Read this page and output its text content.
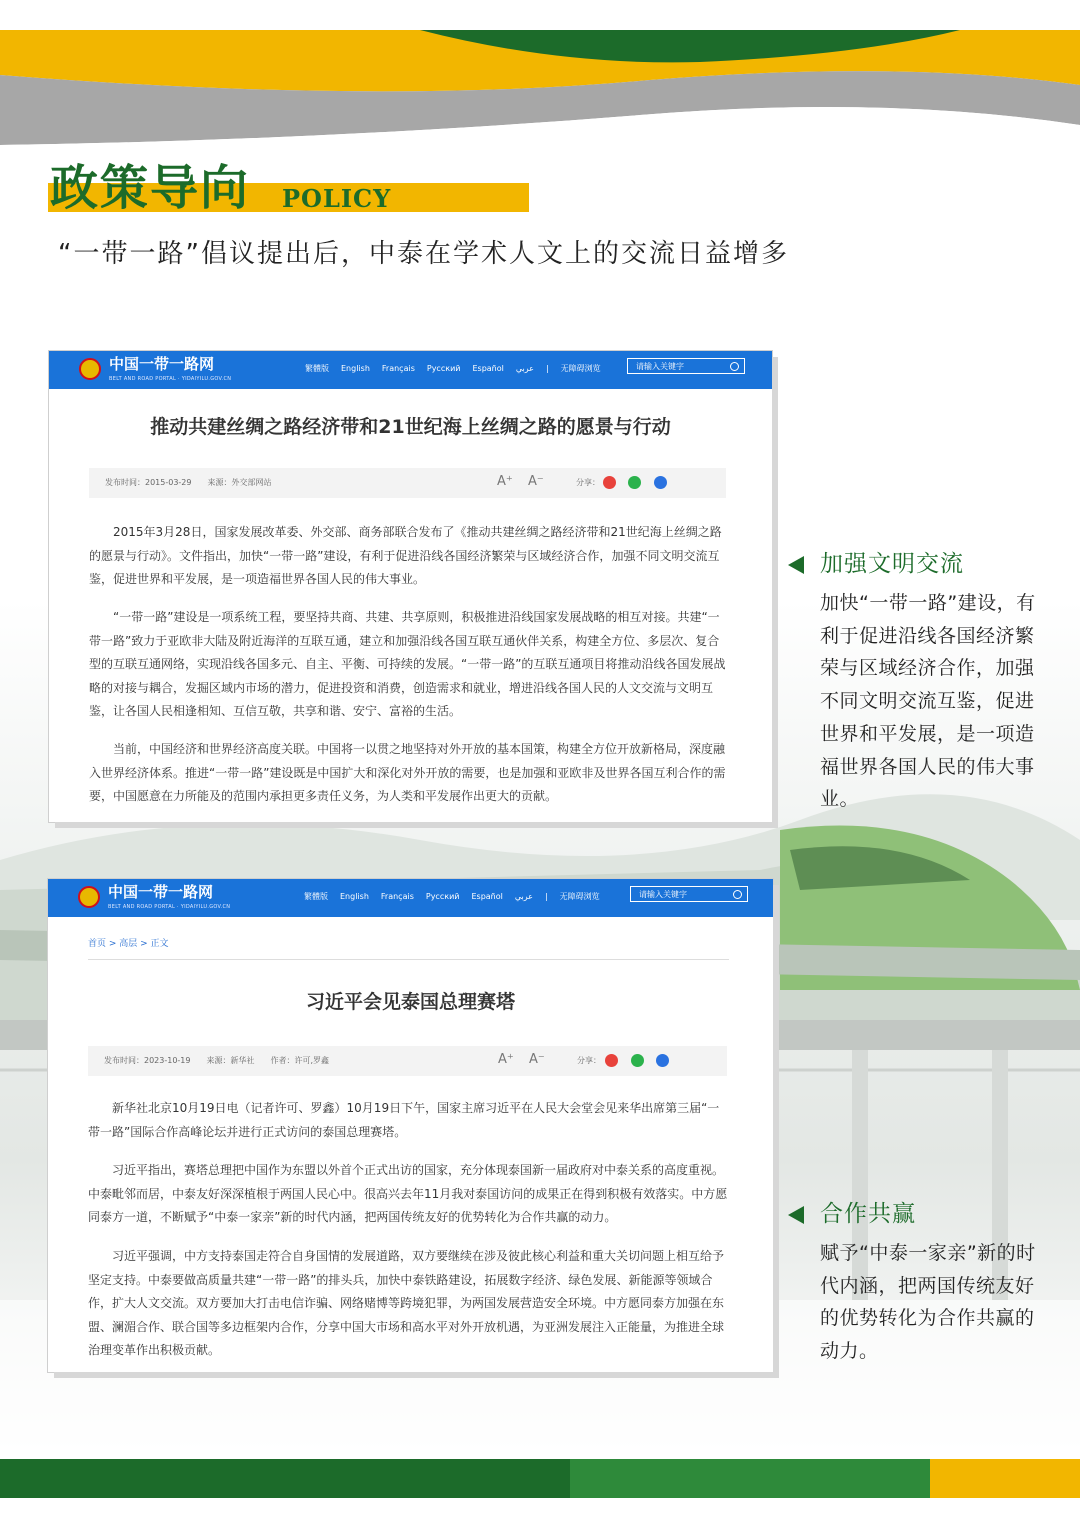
政策导向 POLICY
“一带一路”倡议提出后，中泰在学术人文上的交流日益增多
中国一带一路网
BELT AND ROAD PORTAL · YIDAIYILU.GOV.CN
繁體版 English Français Pусский Español عربي | 无障碍浏览	请输入关键字
推动共建丝绸之路经济带和21世纪海上丝绸之路的愿景与行动
发布时间：2015-03-29　　来源：外交部网站	A⁺ A⁻	分享：
2015年3月28日，国家发展改革委、外交部、商务部联合发布了《推动共建丝绸之路经济带和21世纪海上丝绸之路的愿景与行动》。文件指出，加快“一带一路”建设，有利于促进沿线各国经济繁荣与区域经济合作，加强不同文明交流互鉴，促进世界和平发展，是一项造福世界各国人民的伟大事业。
“一带一路”建设是一项系统工程，要坚持共商、共建、共享原则，积极推进沿线国家发展战略的相互对接。共建“一带一路”致力于亚欧非大陆及附近海洋的互联互通，建立和加强沿线各国互联互通伙伴关系，构建全方位、多层次、复合型的互联互通网络，实现沿线各国多元、自主、平衡、可持续的发展。“一带一路”的互联互通项目将推动沿线各国发展战略的对接与耦合，发掘区域内市场的潜力，促进投资和消费，创造需求和就业，增进沿线各国人民的人文交流与文明互鉴，让各国人民相逢相知、互信互敬，共享和谐、安宁、富裕的生活。
当前，中国经济和世界经济高度关联。中国将一以贯之地坚持对外开放的基本国策，构建全方位开放新格局，深度融入世界经济体系。推进“一带一路”建设既是中国扩大和深化对外开放的需要，也是加强和亚欧非及世界各国互利合作的需要，中国愿意在力所能及的范围内承担更多责任义务，为人类和平发展作出更大的贡献。
中国一带一路网
BELT AND ROAD PORTAL · YIDAIYILU.GOV.CN
繁體版 English Français Pусский Español عربي | 无障碍浏览	请输入关键字
首页 > 高层 > 正文
习近平会见泰国总理赛塔
发布时间：2023-10-19　　来源：新华社　　作者：许可,罗鑫	A⁺ A⁻	分享：
新华社北京10月19日电（记者许可、罗鑫）10月19日下午，国家主席习近平在人民大会堂会见来华出席第三届“一带一路”国际合作高峰论坛并进行正式访问的泰国总理赛塔。
习近平指出，赛塔总理把中国作为东盟以外首个正式出访的国家，充分体现泰国新一届政府对中泰关系的高度重视。中泰毗邻而居，中泰友好深深植根于两国人民心中。很高兴去年11月我对泰国访问的成果正在得到积极有效落实。中方愿同泰方一道，不断赋予“中泰一家亲”新的时代内涵，把两国传统友好的优势转化为合作共赢的动力。
习近平强调，中方支持泰国走符合自身国情的发展道路，双方要继续在涉及彼此核心利益和重大关切问题上相互给予坚定支持。中泰要做高质量共建“一带一路”的排头兵，加快中泰铁路建设，拓展数字经济、绿色发展、新能源等领域合作，扩大人文交流。双方要加大打击电信诈骗、网络赌博等跨境犯罪，为两国发展营造安全环境。中方愿同泰方加强在东盟、澜湄合作、联合国等多边框架内合作，分享中国大市场和高水平对外开放机遇，为亚洲发展注入正能量，为推进全球治理变革作出积极贡献。
加强文明交流
加快“一带一路”建设，有利于促进沿线各国经济繁荣与区域经济合作，加强不同文明交流互鉴，促进世界和平发展，是一项造福世界各国人民的伟大事业。
合作共赢
赋予“中泰一家亲”新的时代内涵，把两国传统友好的优势转化为合作共赢的动力。
